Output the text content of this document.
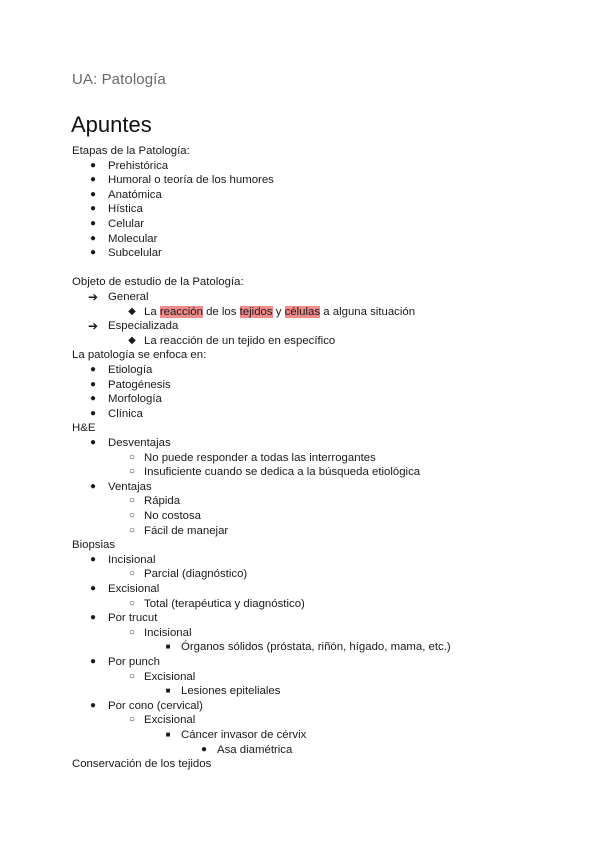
UA: Patología
Apuntes
Etapas de la Patología:
● Prehistórica
● Humoral o teoría de los humores
● Anatómica
● Hística
● Celular
● Molecular
● Subcelular
Objeto de estudio de la Patología:
➔ General
◆ La reacción de los tejidos y células a alguna situación
➔ Especializada
◆ La reacción de un tejido en específico
La patología se enfoca en:
● Etiología
● Patogénesis
● Morfología
● Clínica
H&E
● Desventajas
○ No puede responder a todas las interrogantes
○ Insuficiente cuando se dedica a la búsqueda etiológica
● Ventajas
○ Rápida
○ No costosa
○ Fácil de manejar
Biopsias
● Incisional
○ Parcial (diagnóstico)
● Excisional
○ Total (terapéutica y diagnóstico)
● Por trucut
○ Incisional
■ Órganos sólidos (próstata, riñón, hígado, mama, etc.)
● Por punch
○ Excisional
■ Lesiones epiteliales
● Por cono (cervical)
○ Excisional
■ Cáncer invasor de cérvix
● Asa diamétrica
Conservación de los tejidos
